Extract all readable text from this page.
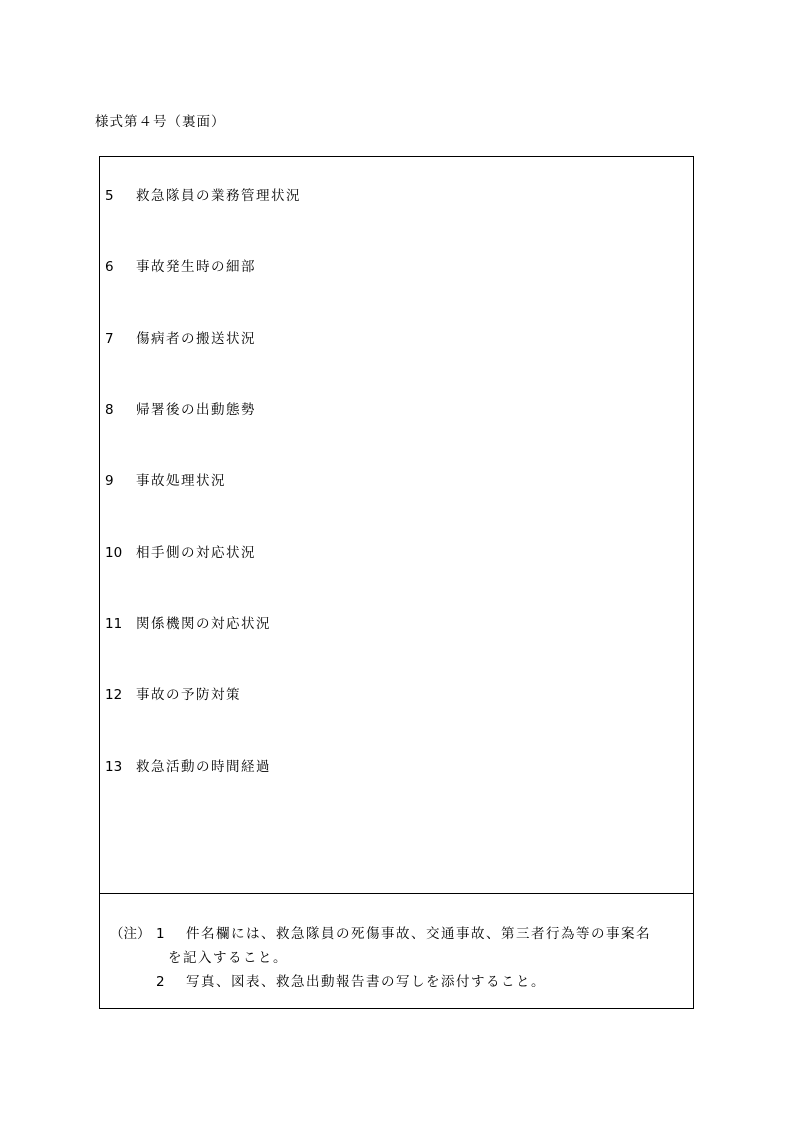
様式第４号（裏面）
5 救急隊員の業務管理状況
6 事故発生時の細部
7 傷病者の搬送状況
8 帰署後の出動態勢
9 事故処理状況
10 相手側の対応状況
11 関係機関の対応状況
12 事故の予防対策
13 救急活動の時間経過
（注） 1 件名欄には、救急隊員の死傷事故、交通事故、第三者行為等の事案名
を記入すること。
2 写真、図表、救急出動報告書の写しを添付すること。
